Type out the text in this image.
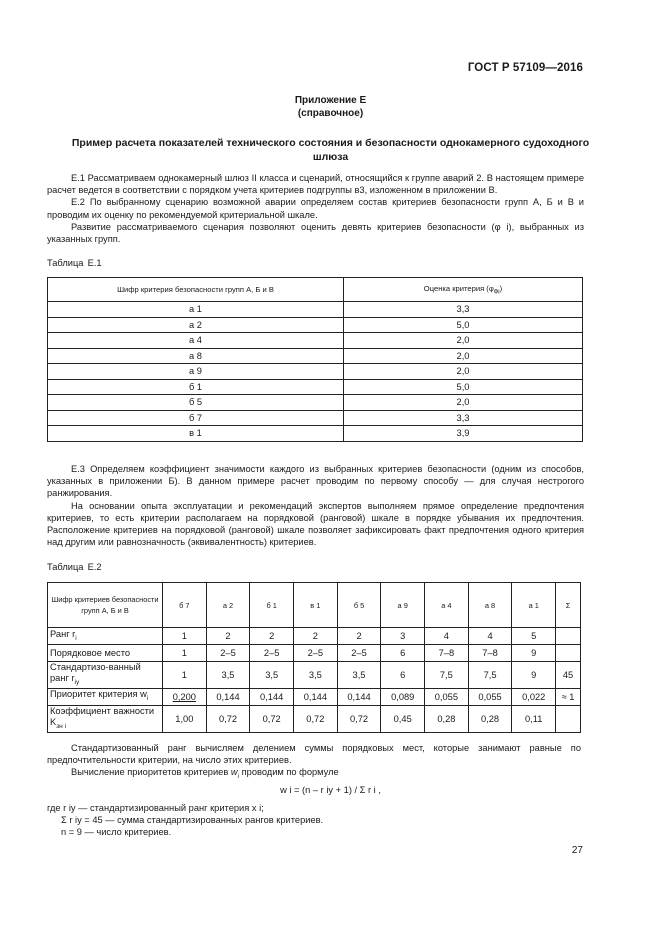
ГОСТ Р 57109—2016
Приложение Е
(справочное)
Пример расчета показателей технического состояния и безопасности однокамерного судоходного шлюза

Е.1 Рассматриваем однокамерный шлюз II класса и сценарий, относящийся к группе аварий 2. В настоящем примере расчет ведется в соответствии с порядком учета критериев подгруппы в3, изложенном в приложении В.

Е.2 По выбранному сценарию возможной аварии определяем состав критериев безопасности групп А, Б и В и проводим их оценку по рекомендуемой критериальной шкале.

Развитие рассматриваемого сценария позволяют оценить девять критериев безопасности (φ i), выбранных из указанных групп.

Таблица Е.1
Шифр критерия безопасности групп А, Б и В	Оценка критерия $(\varphi_{Фi})$
а 1	3,3
а 2	5,0
а 4	2,0
а 8	2,0
а 9	2,0
б 1	5,0
б 5	2,0
б 7	3,3
в 1	3,9

Е.3 Определяем коэффициент значимости каждого из выбранных критериев безопасности (одним из способов, указанных в приложении Б). В данном примере расчет проводим по первому способу — для случая нестрогого ранжирования.

На основании опыта эксплуатации и рекомендаций экспертов выполняем прямое определение предпочтения критериев, то есть критерии располагаем на порядковой (ранговой) шкале в порядке убывания их предпочтения. Расположение критериев на порядковой (ранговой) шкале позволяет зафиксировать факт предпочтения одного критерия над другим или равнозначность (эквивалентность) критериев.

Таблица Е.2
Шифр критериев безопасности групп А, Б и В	б 7	а 2	б 1	в 1	б 5	а 9	а 4	а 8	а 1	Σ
Ранг $r_i$	1	2	2	2	2	3	4	4	5	
Порядковое место	1	2–5	2–5	2–5	2–5	6	7–8	7–8	9	
Стандартизо-ванный ранг $r_{iy}$	1	3,5	3,5	3,5	3,5	6	7,5	7,5	9	45
Приоритет критерия $w_i$	0,200	0,144	0,144	0,144	0,144	0,089	0,055	0,055	0,022	≈ 1
Коэффициент важности $K_{зн i}$	1,00	0,72	0,72	0,72	0,72	0,45	0,28	0,28	0,11	

Стандартизованный ранг вычисляем делением суммы порядковых мест, которые занимают равные по предпочтительности критерии, на число этих критериев.

Вычисление приоритетов критериев $w_i$ проводим по формуле

w i = (n – r iy + 1) / Σ r i ,

где r iy — стандартизированный ранг критерия x i;

Σ r iy = 45 — сумма стандартизированных рангов критериев.

n = 9 — число критериев.

27
